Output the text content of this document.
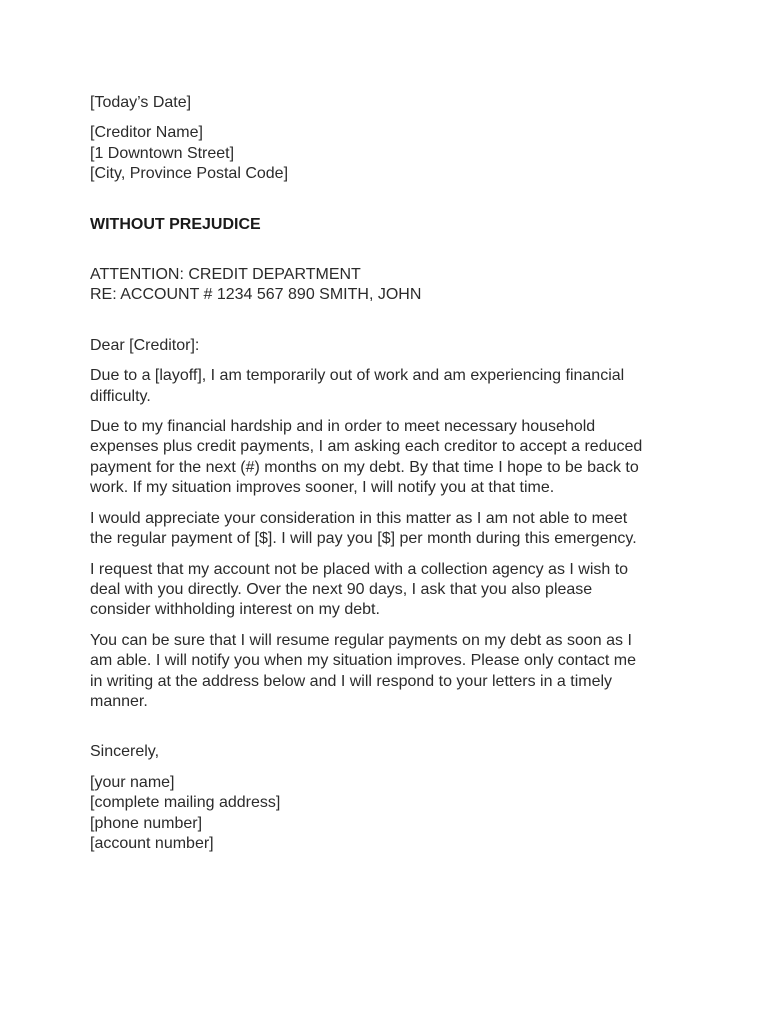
[Today’s Date]
[Creditor Name]
[1 Downtown Street]
[City, Province Postal Code]
WITHOUT PREJUDICE
ATTENTION: CREDIT DEPARTMENT
RE: ACCOUNT # 1234 567 890 SMITH, JOHN
Dear [Creditor]:
Due to a [layoff], I am temporarily out of work and am experiencing financial
difficulty.
Due to my financial hardship and in order to meet necessary household
expenses plus credit payments, I am asking each creditor to accept a reduced
payment for the next (#) months on my debt. By that time I hope to be back to
work. If my situation improves sooner, I will notify you at that time.
I would appreciate your consideration in this matter as I am not able to meet
the regular payment of [$]. I will pay you [$] per month during this emergency.
I request that my account not be placed with a collection agency as I wish to
deal with you directly. Over the next 90 days, I ask that you also please
consider withholding interest on my debt.
You can be sure that I will resume regular payments on my debt as soon as I
am able. I will notify you when my situation improves. Please only contact me
in writing at the address below and I will respond to your letters in a timely
manner.
Sincerely,
[your name]
[complete mailing address]
[phone number]
[account number]
